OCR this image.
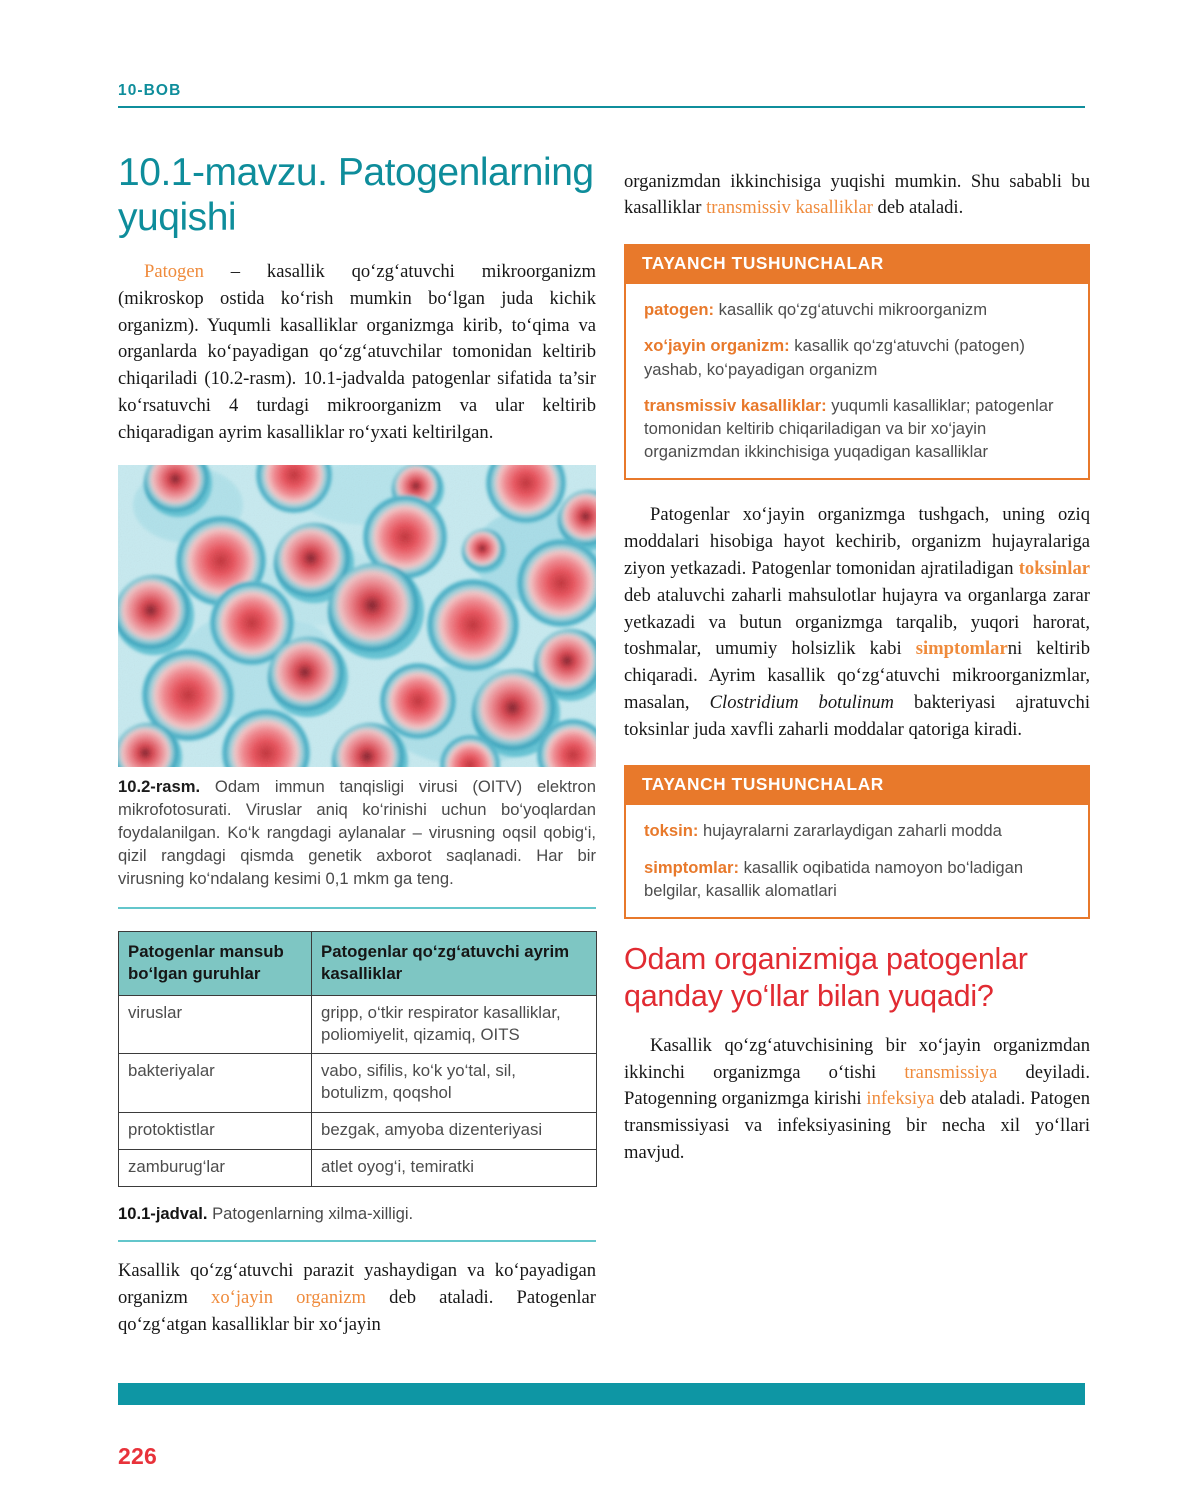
10-BOB
10.1-mavzu. Patogenlarning yuqishi

Patogen – kasallik qo‘zg‘atuvchi mikroorganizm (mikroskop ostida ko‘rish mumkin bo‘lgan juda kichik organizm). Yuqumli kasalliklar organizmga kirib, to‘qima va organlarda ko‘payadigan qo‘zg‘atuvchilar tomonidan keltirib chiqariladi (10.2-rasm). 10.1-jadvalda patogenlar sifatida ta’sir ko‘rsatuvchi 4 turdagi mikroorganizm va ular keltirib chiqaradigan ayrim kasalliklar ro‘yxati keltirilgan.

10.2-rasm. Odam immun tanqisligi virusi (OITV) elektron mikrofotosurati. Viruslar aniq ko‘rinishi uchun bo‘yoqlardan foydalanilgan. Ko‘k rangdagi aylanalar – virusning oqsil qobig‘i, qizil rangdagi qismda genetik axborot saqlanadi. Har bir virusning ko‘ndalang kesimi 0,1 mkm ga teng.

Patogenlar mansub bo‘lgan guruhlar	Patogenlar qo‘zg‘atuvchi ayrim kasalliklar
viruslar	gripp, o‘tkir respirator kasalliklar, poliomiyelit, qizamiq, OITS
bakteriyalar	vabo, sifilis, ko‘k yo‘tal, sil, botulizm, qoqshol
protoktistlar	bezgak, amyoba dizenteriyasi
zamburug‘lar	atlet oyog‘i, temiratki

10.1-jadval. Patogenlarning xilma-xilligi.

Kasallik qo‘zg‘atuvchi parazit yashaydigan va ko‘payadigan organizm xo‘jayin organizm deb ataladi. Patogenlar qo‘zg‘atgan kasalliklar bir xo‘jayin

organizmdan ikkinchisiga yuqishi mumkin. Shu sababli bu kasalliklar transmissiv kasalliklar deb ataladi.

TAYANCH TUSHUNCHALAR
patogen: kasallik qo‘zg‘atuvchi mikroorganizm
xo‘jayin organizm: kasallik qo‘zg‘atuvchi (patogen) yashab, ko‘payadigan organizm
transmissiv kasalliklar: yuqumli kasalliklar; patogenlar tomonidan keltirib chiqariladigan va bir xo‘jayin organizmdan ikkinchisiga yuqadigan kasalliklar

Patogenlar xo‘jayin organizmga tushgach, uning oziq moddalari hisobiga hayot kechirib, organizm hujayralariga ziyon yetkazadi. Patogenlar tomonidan ajratiladigan toksinlar deb ataluvchi zaharli mahsulotlar hujayra va organlarga zarar yetkazadi va butun organizmga tarqalib, yuqori harorat, toshmalar, umumiy holsizlik kabi simptomlarni keltirib chiqaradi. Ayrim kasallik qo‘zg‘atuvchi mikroorganizmlar, masalan, Clostridium botulinum bakteriyasi ajratuvchi toksinlar juda xavfli zaharli moddalar qatoriga kiradi.

TAYANCH TUSHUNCHALAR
toksin: hujayralarni zararlaydigan zaharli modda
simptomlar: kasallik oqibatida namoyon bo‘ladigan belgilar, kasallik alomatlari
Odam organizmiga patogenlar qanday yo‘llar bilan yuqadi?

Kasallik qo‘zg‘atuvchisining bir xo‘jayin organizmdan ikkinchi organizmga o‘tishi transmissiya deyiladi. Patogenning organizmga kirishi infeksiya deb ataladi. Patogen transmissiyasi va infeksiyasining bir necha xil yo‘llari mavjud.

226
